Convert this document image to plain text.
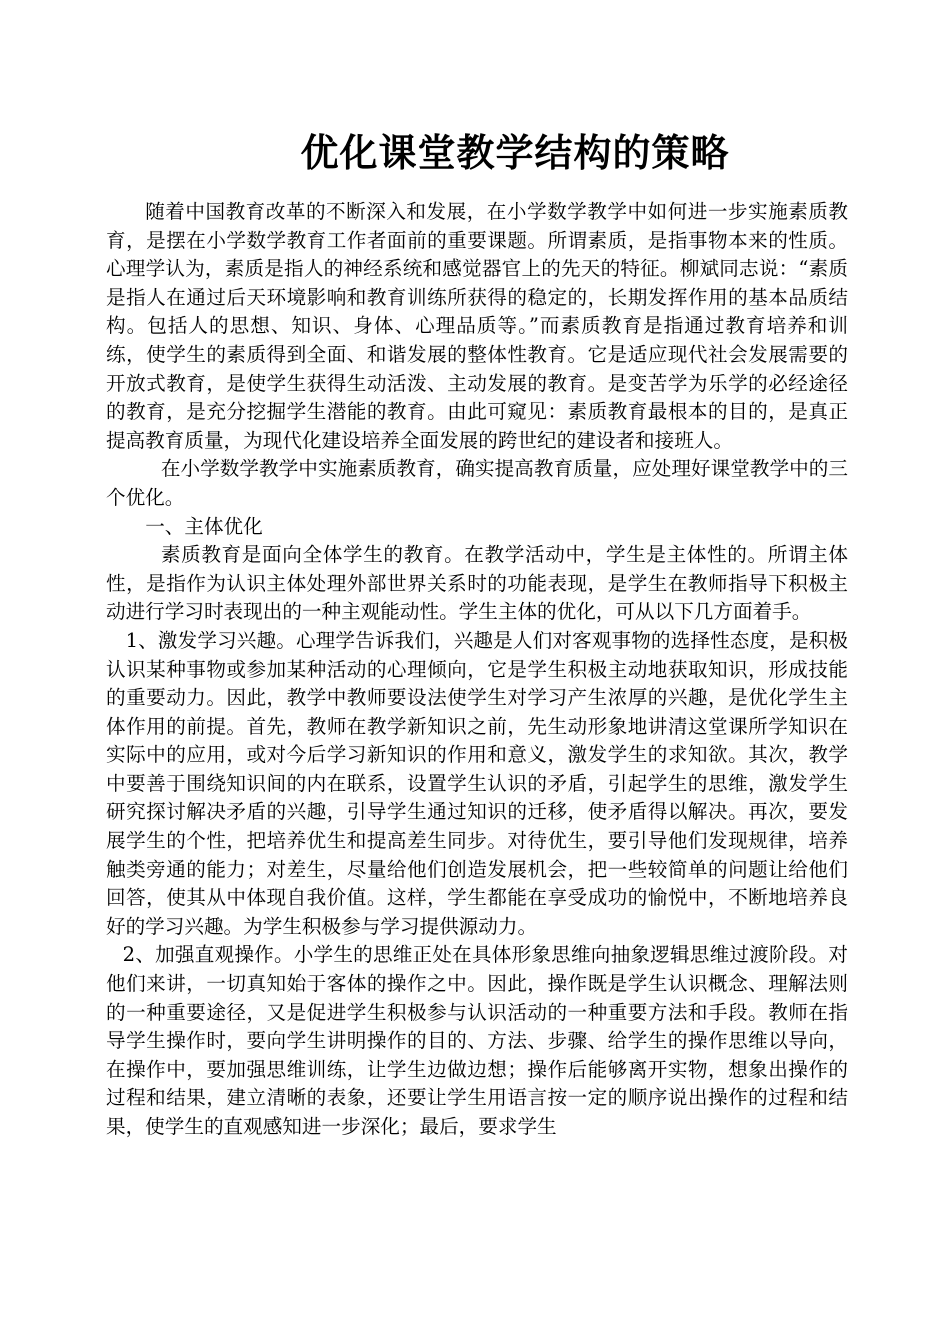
优化课堂教学结构的策略

随着中国教育改革的不断深入和发展，在小学数学教学中如何进一步实施素质教育，是摆在小学数学教育工作者面前的重要课题。所谓素质，是指事物本来的性质。心理学认为，素质是指人的神经系统和感觉器官上的先天的特征。柳斌同志说：“素质是指人在通过后天环境影响和教育训练所获得的稳定的，长期发挥作用的基本品质结构。包括人的思想、知识、身体、心理品质等。”而素质教育是指通过教育培养和训练，使学生的素质得到全面、和谐发展的整体性教育。它是适应现代社会发展需要的开放式教育，是使学生获得生动活泼、主动发展的教育。是变苦学为乐学的必经途径的教育，是充分挖掘学生潜能的教育。由此可窥见：素质教育最根本的目的，是真正提高教育质量，为现代化建设培养全面发展的跨世纪的建设者和接班人。

在小学数学教学中实施素质教育，确实提高教育质量，应处理好课堂教学中的三个优化。

一、主体优化

素质教育是面向全体学生的教育。在教学活动中，学生是主体性的。所谓主体性，是指作为认识主体处理外部世界关系时的功能表现，是学生在教师指导下积极主动进行学习时表现出的一种主观能动性。学生主体的优化，可从以下几方面着手。

1、激发学习兴趣。心理学告诉我们，兴趣是人们对客观事物的选择性态度，是积极认识某种事物或参加某种活动的心理倾向，它是学生积极主动地获取知识，形成技能的重要动力。因此，教学中教师要设法使学生对学习产生浓厚的兴趣，是优化学生主体作用的前提。首先，教师在教学新知识之前，先生动形象地讲清这堂课所学知识在实际中的应用，或对今后学习新知识的作用和意义，激发学生的求知欲。其次，教学中要善于围绕知识间的内在联系，设置学生认识的矛盾，引起学生的思维，激发学生研究探讨解决矛盾的兴趣，引导学生通过知识的迁移，使矛盾得以解决。再次，要发展学生的个性，把培养优生和提高差生同步。对待优生，要引导他们发现规律，培养触类旁通的能力；对差生，尽量给他们创造发展机会，把一些较简单的问题让给他们回答，使其从中体现自我价值。这样，学生都能在享受成功的愉悦中，不断地培养良好的学习兴趣。为学生积极参与学习提供源动力。

2、加强直观操作。小学生的思维正处在具体形象思维向抽象逻辑思维过渡阶段。对他们来讲，一切真知始于客体的操作之中。因此，操作既是学生认识概念、理解法则的一种重要途径，又是促进学生积极参与认识活动的一种重要方法和手段。教师在指导学生操作时，要向学生讲明操作的目的、方法、步骤、给学生的操作思维以导向，在操作中，要加强思维训练，让学生边做边想；操作后能够离开实物，想象出操作的过程和结果，建立清晰的表象，还要让学生用语言按一定的顺序说出操作的过程和结果，使学生的直观感知进一步深化；最后，要求学生
